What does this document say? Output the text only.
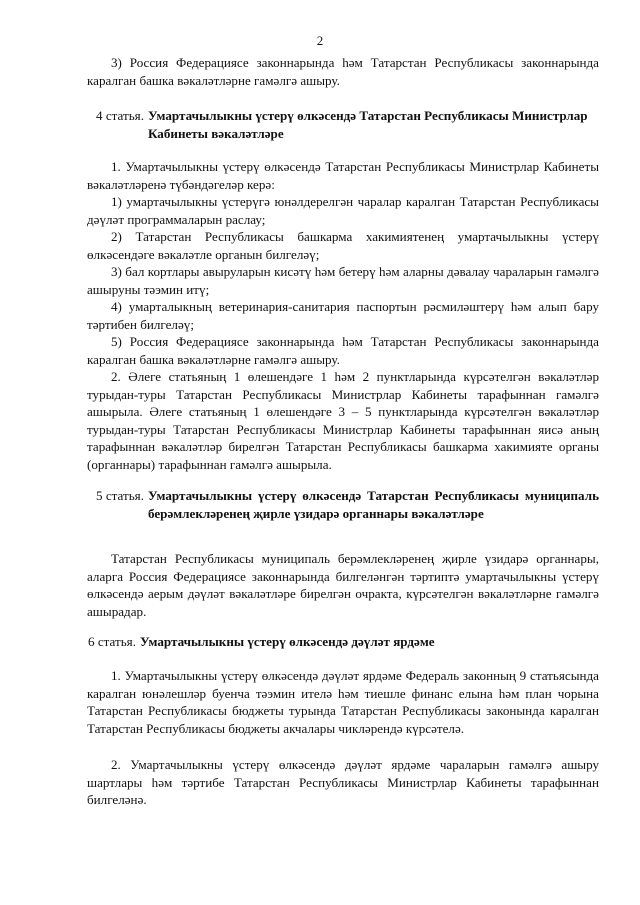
2

3) Россия Федерациясе законнарында һәм Татарстан Республикасы законнарында каралган башка вәкаләтләрне гамәлгә ашыру.

4 статья. Умартачылыкны үстерү өлкәсендә Татарстан Республикасы Министрлар Кабинеты вәкаләтләре

1. Умартачылыкны үстерү өлкәсендә Татарстан Республикасы Министрлар Кабинеты вәкаләтләренә түбәндәгеләр керә:

1) умартачылыкны үстерүгә юнәлдерелгән чаралар каралган Татарстан Республикасы дәүләт программаларын раслау;

2) Татарстан Республикасы башкарма хакимиятенең умартачылыкны үстерү өлкәсендәге вәкаләтле органын билгеләү;

3) бал кортлары авыруларын кисәтү һәм бетерү һәм аларны дәвалау чараларын гамәлгә ашыруны тәэмин итү;

4) умарталыкның ветеринария-санитария паспортын рәсмиләштерү һәм алып бару тәртибен билгеләү;

5) Россия Федерациясе законнарында һәм Татарстан Республикасы законнарында каралган башка вәкаләтләрне гамәлгә ашыру.

2. Әлеге статьяның 1 өлешендәге 1 һәм 2 пунктларында күрсәтелгән вәкаләтләр турыдан-туры Татарстан Республикасы Министрлар Кабинеты тарафыннан гамәлгә ашырыла. Әлеге статьяның 1 өлешендәге 3 – 5 пунктларында күрсәтелгән вәкаләтләр турыдан-туры Татарстан Республикасы Министрлар Кабинеты тарафыннан яисә аның тарафыннан вәкаләтләр бирелгән Татарстан Республикасы башкарма хакимияте органы (органнары) тарафыннан гамәлгә ашырыла.

5 статья. Умартачылыкны үстерү өлкәсендә Татарстан Республикасы муниципаль берәмлекләренең җирле үзидарә органнары вәкаләтләре

Татарстан Республикасы муниципаль берәмлекләренең җирле үзидарә органнары, аларга Россия Федерациясе законнарында билгеләнгән тәртиптә умартачылыкны үстерү өлкәсендә аерым дәүләт вәкаләтләре бирелгән очракта, күрсәтелгән вәкаләтләрне гамәлгә ашырадар.

6 статья. Умартачылыкны үстерү өлкәсендә дәүләт ярдәме

1. Умартачылыкны үстерү өлкәсендә дәүләт ярдәме Федераль законның 9 статьясында каралган юнәлешләр буенча тәэмин ителә һәм тиешле финанс елына һәм план чорына Татарстан Республикасы бюджеты турында Татарстан Республикасы законында каралган Татарстан Республикасы бюджеты акчалары чикләрендә күрсәтелә.

2. Умартачылыкны үстерү өлкәсендә дәүләт ярдәме чараларын гамәлгә ашыру шартлары һәм тәртибе Татарстан Республикасы Министрлар Кабинеты тарафыннан билгеләнә.
